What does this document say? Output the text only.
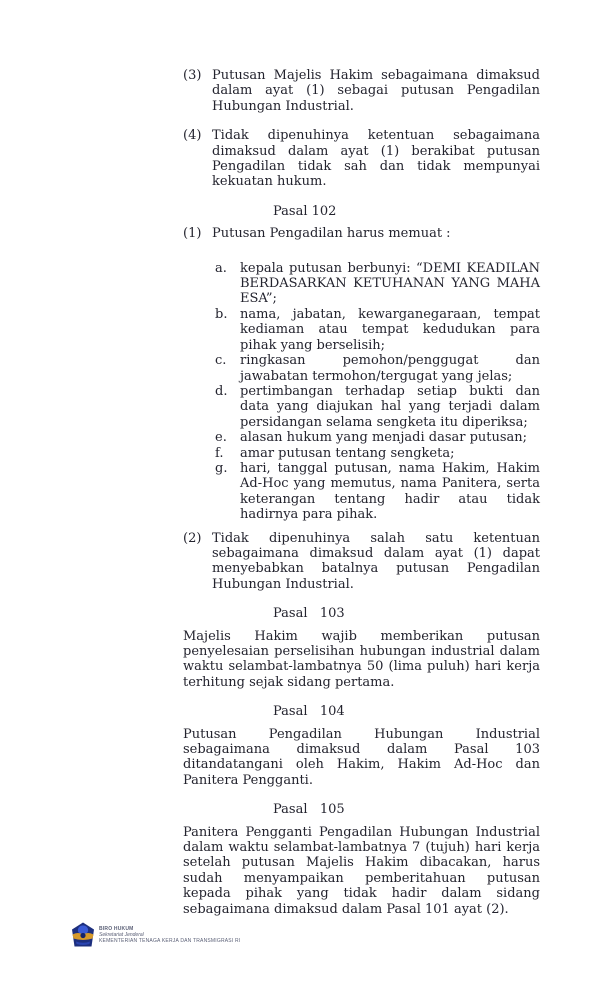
(3) Putusan Majelis Hakim sebagaimana dimaksud dalam ayat (1) sebagai putusan Pengadilan Hubungan Industrial.
(4) Tidak dipenuhinya ketentuan sebagaimana dimaksud dalam ayat (1) berakibat putusan Pengadilan tidak sah dan tidak mempunyai kekuatan hukum.
Pasal 102
(1) Putusan Pengadilan harus memuat :
a.	kepala putusan berbunyi: “DEMI KEADILAN BERDASARKAN KETUHANAN YANG MAHA ESA”;
b. nama, jabatan, kewarganegaraan, tempat kediaman atau tempat kedudukan para pihak yang berselisih;
c.	ringkasan pemohon/penggugat dan jawabatan termohon/tergugat yang jelas;
d. pertimbangan terhadap setiap bukti dan data yang diajukan hal yang terjadi dalam persidangan selama sengketa itu diperiksa;
e.	alasan hukum yang menjadi dasar putusan;
f.	amar putusan tentang sengketa;
g. hari, tanggal putusan, nama Hakim, Hakim Ad-Hoc yang memutus, nama Panitera, serta keterangan tentang hadir atau tidak hadirnya para pihak.
(2) Tidak dipenuhinya salah satu ketentuan sebagaimana dimaksud dalam ayat (1) dapat menyebabkan batalnya putusan Pengadilan Hubungan Industrial.
Pasal   103
Majelis Hakim wajib memberikan putusan penyelesaian perselisihan hubungan industrial dalam waktu selambat-lambatnya 50 (lima puluh) hari kerja terhitung sejak sidang pertama.
Pasal   104
Putusan Pengadilan Hubungan Industrial sebagaimana dimaksud dalam Pasal 103 ditandatangani oleh Hakim, Hakim Ad-Hoc dan Panitera Pengganti.
Pasal   105
Panitera Pengganti Pengadilan Hubungan Industrial dalam waktu selambat-lambatnya 7 (tujuh) hari kerja setelah putusan Majelis Hakim dibacakan, harus sudah menyampaikan pemberitahuan putusan kepada pihak yang tidak hadir dalam sidang sebagaimana dimaksud dalam Pasal 101 ayat (2).
BIRO HUKUM
Sekretariat Jenderal
KEMENTERIAN TENAGA KERJA DAN TRANSMIGRASI RI
